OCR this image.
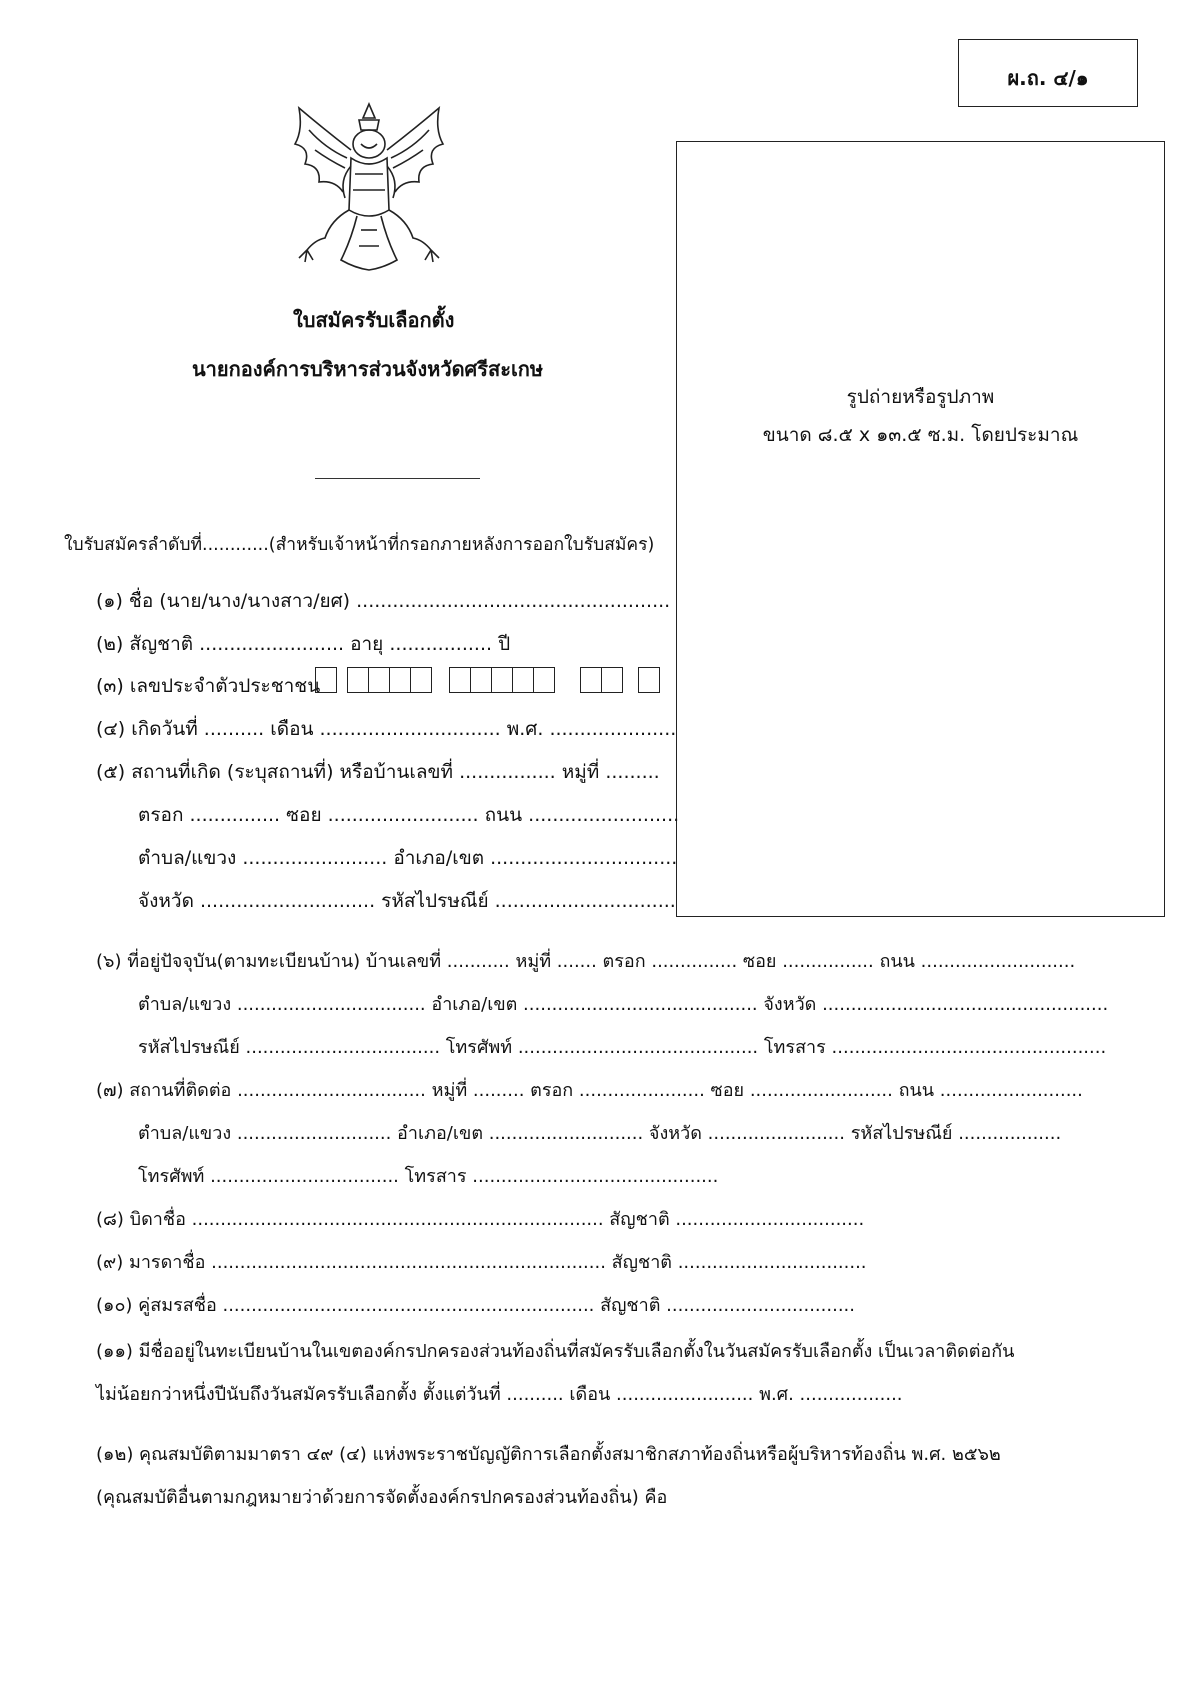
ผ.ถ. ๔/๑
ใบสมัครรับเลือกตั้ง
นายกองค์การบริหารส่วนจังหวัดศรีสะเกษ
รูปถ่ายหรือรูปภาพ
ขนาด ๘.๕ x ๑๓.๕ ซ.ม. โดยประมาณ
ใบรับสมัครลำดับที่............(สำหรับเจ้าหน้าที่กรอกภายหลังการออกใบรับสมัคร)
(๑) ชื่อ (นาย/นาง/นางสาว/ยศ) ....................................................
(๒) สัญชาติ ........................ อายุ ................. ปี
(๓) เลขประจำตัวประชาชน
(๔) เกิดวันที่ .......... เดือน .............................. พ.ศ. .....................
(๕) สถานที่เกิด (ระบุสถานที่) หรือบ้านเลขที่ ................ หมู่ที่ .........
ตรอก ............... ซอย ......................... ถนน .........................
ตำบล/แขวง ........................ อำเภอ/เขต ...............................
จังหวัด ............................. รหัสไปรษณีย์ ..............................
(๖) ที่อยู่ปัจจุบัน(ตามทะเบียนบ้าน) บ้านเลขที่ ........... หมู่ที่ ....... ตรอก ............... ซอย ................ ถนน ...........................
ตำบล/แขวง ................................. อำเภอ/เขต ......................................... จังหวัด ..................................................
รหัสไปรษณีย์ .................................. โทรศัพท์ .......................................... โทรสาร ................................................
(๗) สถานที่ติดต่อ ................................. หมู่ที่ ......... ตรอก ...................... ซอย ......................... ถนน .........................
ตำบล/แขวง ........................... อำเภอ/เขต ........................... จังหวัด ........................ รหัสไปรษณีย์ ..................
โทรศัพท์ ................................. โทรสาร ...........................................
(๘) บิดาชื่อ ........................................................................ สัญชาติ .................................
(๙) มารดาชื่อ ..................................................................... สัญชาติ .................................
(๑๐) คู่สมรสชื่อ ................................................................. สัญชาติ .................................
(๑๑) มีชื่ออยู่ในทะเบียนบ้านในเขตองค์กรปกครองส่วนท้องถิ่นที่สมัครรับเลือกตั้งในวันสมัครรับเลือกตั้ง เป็นเวลาติดต่อกัน
ไม่น้อยกว่าหนึ่งปีนับถึงวันสมัครรับเลือกตั้ง ตั้งแต่วันที่ .......... เดือน ........................ พ.ศ. ..................
(๑๒) คุณสมบัติตามมาตรา ๔๙ (๔) แห่งพระราชบัญญัติการเลือกตั้งสมาชิกสภาท้องถิ่นหรือผู้บริหารท้องถิ่น พ.ศ. ๒๕๖๒
(คุณสมบัติอื่นตามกฎหมายว่าด้วยการจัดตั้งองค์กรปกครองส่วนท้องถิ่น) คือ
